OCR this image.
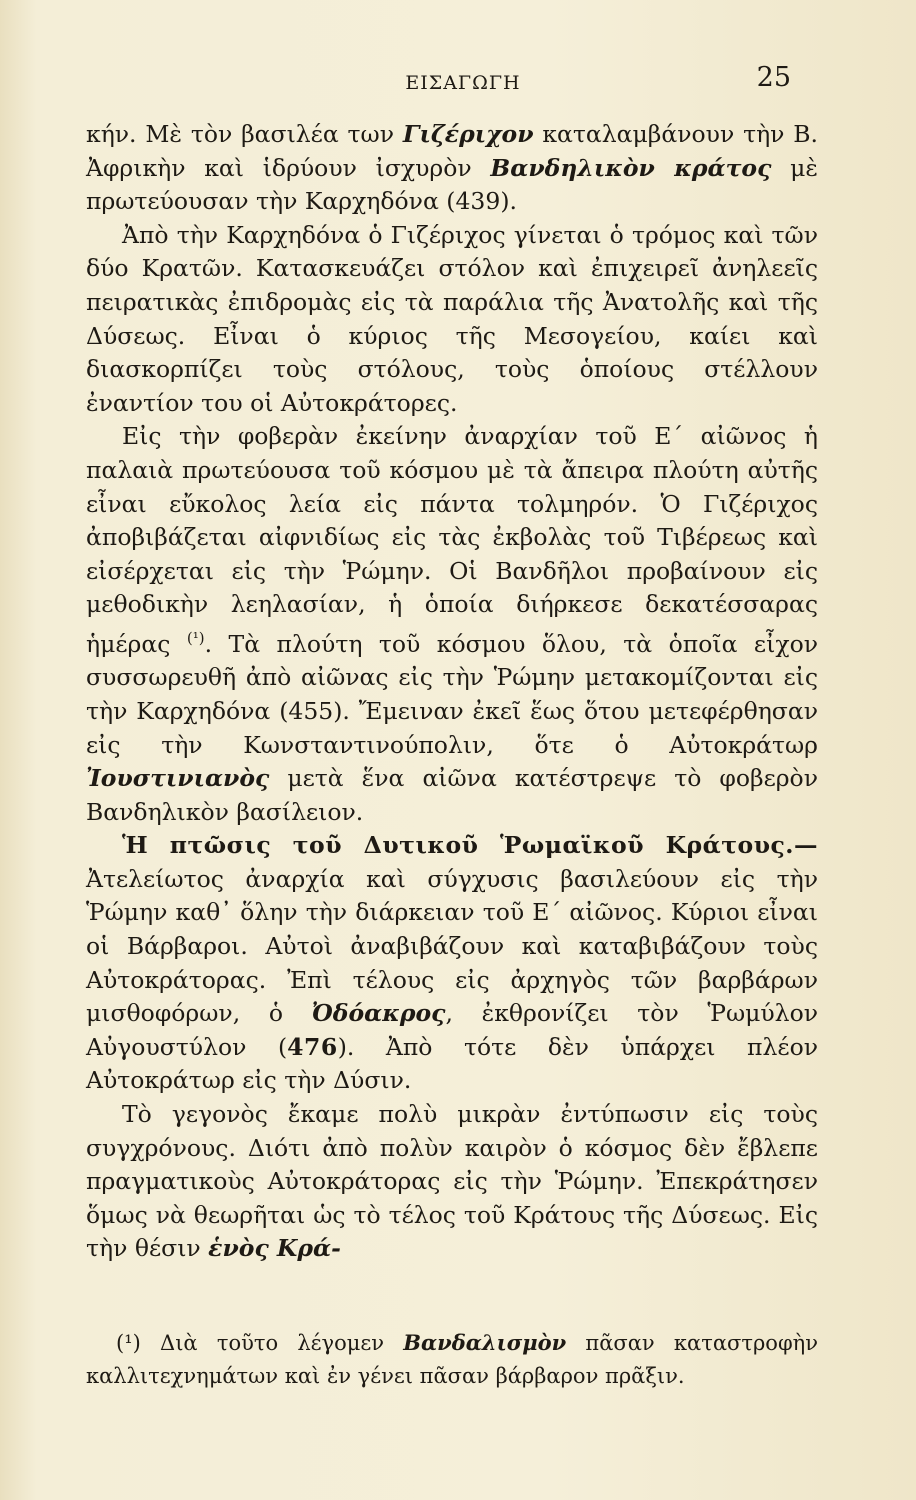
ΕΙΣΑΓΩΓΗ	25

κήν. Μὲ τὸν βασιλέα των Γιζέριχον καταλαμβάνουν τὴν Β. Ἀφρικὴν καὶ ἱδρύουν ἰσχυρὸν Βανδηλικὸν κράτος μὲ πρωτεύουσαν τὴν Καρχηδόνα (439).

Ἀπὸ τὴν Καρχηδόνα ὁ Γιζέριχος γίνεται ὁ τρόμος καὶ τῶν δύο Κρατῶν. Κατασκευάζει στόλον καὶ ἐπιχειρεῖ ἀνηλεεῖς πειρατικὰς ἐπιδρομὰς εἰς τὰ παράλια τῆς Ἀνατολῆς καὶ τῆς Δύσεως. Εἶναι ὁ κύριος τῆς Μεσογείου, καίει καὶ διασκορπίζει τοὺς στόλους, τοὺς ὁποίους στέλλουν ἐναντίον του οἱ Αὐτοκράτορες.

Εἰς τὴν φοβερὰν ἐκείνην ἀναρχίαν τοῦ Ε΄ αἰῶνος ἡ παλαιὰ πρωτεύουσα τοῦ κόσμου μὲ τὰ ἄπειρα πλούτη αὐτῆς εἶναι εὔκολος λεία εἰς πάντα τολμηρόν. Ὁ Γιζέριχος ἀποβιβάζεται αἰφνιδίως εἰς τὰς ἐκβολὰς τοῦ Τιβέρεως καὶ εἰσέρχεται εἰς τὴν Ῥώμην. Οἱ Βανδῆλοι προβαίνουν εἰς μεθοδικὴν λεηλασίαν, ἡ ὁποία διήρκεσε δεκατέσσαρας ἡμέρας $^{(^1)}$. Τὰ πλούτη τοῦ κόσμου ὅλου, τὰ ὁποῖα εἶχον συσσωρευθῆ ἀπὸ αἰῶνας εἰς τὴν Ῥώμην μετακομίζονται εἰς τὴν Καρχηδόνα (455). Ἔμειναν ἐκεῖ ἕως ὅτου μετεφέρθησαν εἰς τὴν Κωνσταντινούπολιν, ὅτε ὁ Αὐτοκράτωρ Ἰουστινιανὸς μετὰ ἕνα αἰῶνα κατέστρεψε τὸ φοβερὸν Βανδηλικὸν βασίλειον.

Ἡ πτῶσις τοῦ Δυτικοῦ Ῥωμαϊκοῦ Κράτους.— Ἀτελείωτος ἀναρχία καὶ σύγχυσις βασιλεύουν εἰς τὴν Ῥώμην καθ᾽ ὅλην τὴν διάρκειαν τοῦ Ε΄ αἰῶνος. Κύριοι εἶναι οἱ Βάρβαροι. Αὐτοὶ ἀναβιβάζουν καὶ καταβιβάζουν τοὺς Αὐτοκράτορας. Ἐπὶ τέλους εἰς ἀρχηγὸς τῶν βαρβάρων μισθοφόρων, ὁ Ὀδόακρος, ἐκθρονίζει τὸν Ῥωμύλον Αὐγουστύλον (476). Ἀπὸ τότε δὲν ὑπάρχει πλέον Αὐτοκράτωρ εἰς τὴν Δύσιν.

Τὸ γεγονὸς ἔκαμε πολὺ μικρὰν ἐντύπωσιν εἰς τοὺς συγχρόνους. Διότι ἀπὸ πολὺν καιρὸν ὁ κόσμος δὲν ἔβλεπε πραγματικοὺς Αὐτοκράτορας εἰς τὴν Ῥώμην. Ἐπεκράτησεν ὅμως νὰ θεωρῆται ὡς τὸ τέλος τοῦ Κράτους τῆς Δύσεως. Εἰς τὴν θέσιν ἑνὸς Κρά-

(¹) Διὰ τοῦτο λέγομεν Βανδαλισμὸν πᾶσαν καταστροφὴν καλλιτεχνημάτων καὶ ἐν γένει πᾶσαν βάρβαρον πρᾶξιν.
